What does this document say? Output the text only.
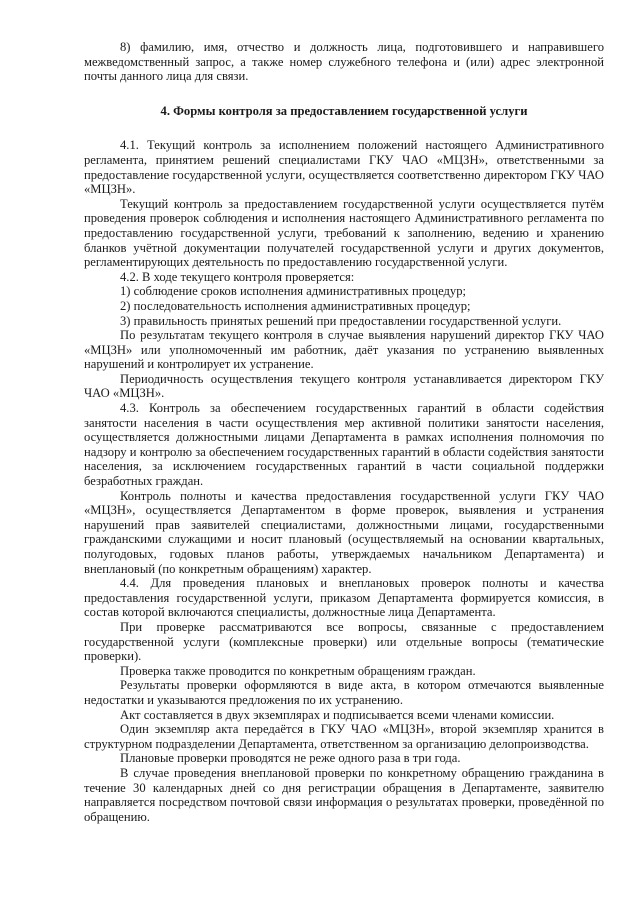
8) фамилию, имя, отчество и должность лица, подготовившего и направившего межведомственный запрос, а также номер служебного телефона и (или) адрес электронной почты данного лица для связи.

4. Формы контроля за предоставлением государственной услуги

4.1. Текущий контроль за исполнением положений настоящего Административного регламента, принятием решений специалистами ГКУ ЧАО «МЦЗН», ответственными за предоставление государственной услуги, осуществляется соответственно директором ГКУ ЧАО «МЦЗН».

Текущий контроль за предоставлением государственной услуги осуществляется путём проведения проверок соблюдения и исполнения настоящего Административного регламента по предоставлению государственной услуги, требований к заполнению, ведению и хранению бланков учётной документации получателей государственной услуги и других документов, регламентирующих деятельность по предоставлению государственной услуги.

4.2. В ходе текущего контроля проверяется:

1) соблюдение сроков исполнения административных процедур;

2) последовательность исполнения административных процедур;

3) правильность принятых решений при предоставлении государственной услуги.

По результатам текущего контроля в случае выявления нарушений директор ГКУ ЧАО «МЦЗН» или уполномоченный им работник, даёт указания по устранению выявленных нарушений и контролирует их устранение.

Периодичность осуществления текущего контроля устанавливается директором ГКУ ЧАО «МЦЗН».

4.3. Контроль за обеспечением государственных гарантий в области содействия занятости населения в части осуществления мер активной политики занятости населения, осуществляется должностными лицами Департамента в рамках исполнения полномочия по надзору и контролю за обеспечением государственных гарантий в области содействия занятости населения, за исключением государственных гарантий в части социальной поддержки безработных граждан.

Контроль полноты и качества предоставления государственной услуги ГКУ ЧАО «МЦЗН», осуществляется Департаментом в форме проверок, выявления и устранения нарушений прав заявителей специалистами, должностными лицами, государственными гражданскими служащими и носит плановый (осуществляемый на основании квартальных, полугодовых, годовых планов работы, утверждаемых начальником Департамента) и внеплановый (по конкретным обращениям) характер.

4.4. Для проведения плановых и внеплановых проверок полноты и качества предоставления государственной услуги, приказом Департамента формируется комиссия, в состав которой включаются специалисты, должностные лица Департамента.

При проверке рассматриваются все вопросы, связанные с предоставлением государственной услуги (комплексные проверки) или отдельные вопросы (тематические проверки).

Проверка также проводится по конкретным обращениям граждан.

Результаты проверки оформляются в виде акта, в котором отмечаются выявленные недостатки и указываются предложения по их устранению.

Акт составляется в двух экземплярах и подписывается всеми членами комиссии.

Один экземпляр акта передаётся в ГКУ ЧАО «МЦЗН», второй экземпляр хранится в структурном подразделении Департамента, ответственном за организацию делопроизводства.

Плановые проверки проводятся не реже одного раза в три года.

В случае проведения внеплановой проверки по конкретному обращению гражданина в течение 30 календарных дней со дня регистрации обращения в Департаменте, заявителю направляется посредством почтовой связи информация о результатах проверки, проведённой по обращению.
